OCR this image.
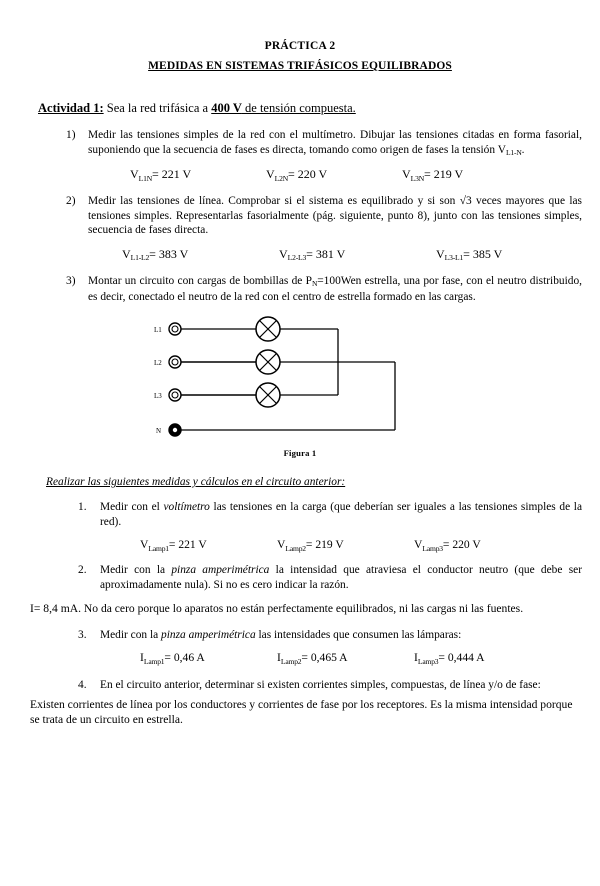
PRÁCTICA 2
MEDIDAS EN SISTEMAS TRIFÁSICOS EQUILIBRADOS
Actividad 1: Sea la red trifásica a 400 V de tensión compuesta.
1)	Medir las tensiones simples de la red con el multímetro. Dibujar las tensiones citadas en forma fasorial, suponiendo que la secuencia de fases es directa, tomando como origen de fases la tensión $V_{L1-N}$.
$V_{L1N}= 221$ V	$V_{L2N}= 220$ V	$V_{L3N}= 219$ V
2)	Medir las tensiones de línea. Comprobar si el sistema es equilibrado y si son √3 veces mayores que las tensiones simples. Representarlas fasorialmente (pág. siguiente, punto 8), junto con las tensiones simples, secuencia de fases directa.
$V_{L1-L2}= 383$ V	$V_{L2-L3}= 381$ V	$V_{L3-L1}= 385$ V
3)	Montar un circuito con cargas de bombillas de $P_N=100Wen$ estrella, una por fase, con el neutro distribuido, es decir, conectado el neutro de la red con el centro de estrella formado en las cargas.
L1
L2
L3
N
Figura 1
Realizar las siguientes medidas y cálculos en el circuito anterior:
1.	Medir con el voltímetro las tensiones en la carga (que deberían ser iguales a las tensiones simples de la red).
$V_{Lamp1}= 221$ V	$V_{Lamp2}= 219$ V	$V_{Lamp3}= 220$ V
2.	Medir con la pinza amperimétrica la intensidad que atraviesa el conductor neutro (que debe ser aproximadamente nula). Si no es cero indicar la razón.
I= 8,4 mA. No da cero porque lo aparatos no están perfectamente equilibrados, ni las cargas ni las fuentes.
3.	Medir con la pinza amperimétrica las intensidades que consumen las lámparas:
$I_{Lamp1}= 0,46$ A	$I_{Lamp2}= 0,465$ A	$I_{Lamp3}= 0,444$ A
4.	En el circuito anterior, determinar si existen corrientes simples, compuestas, de línea y/o de fase:
Existen corrientes de línea por los conductores y corrientes de fase por los receptores. Es la misma intensidad porque se trata de un circuito en estrella.
